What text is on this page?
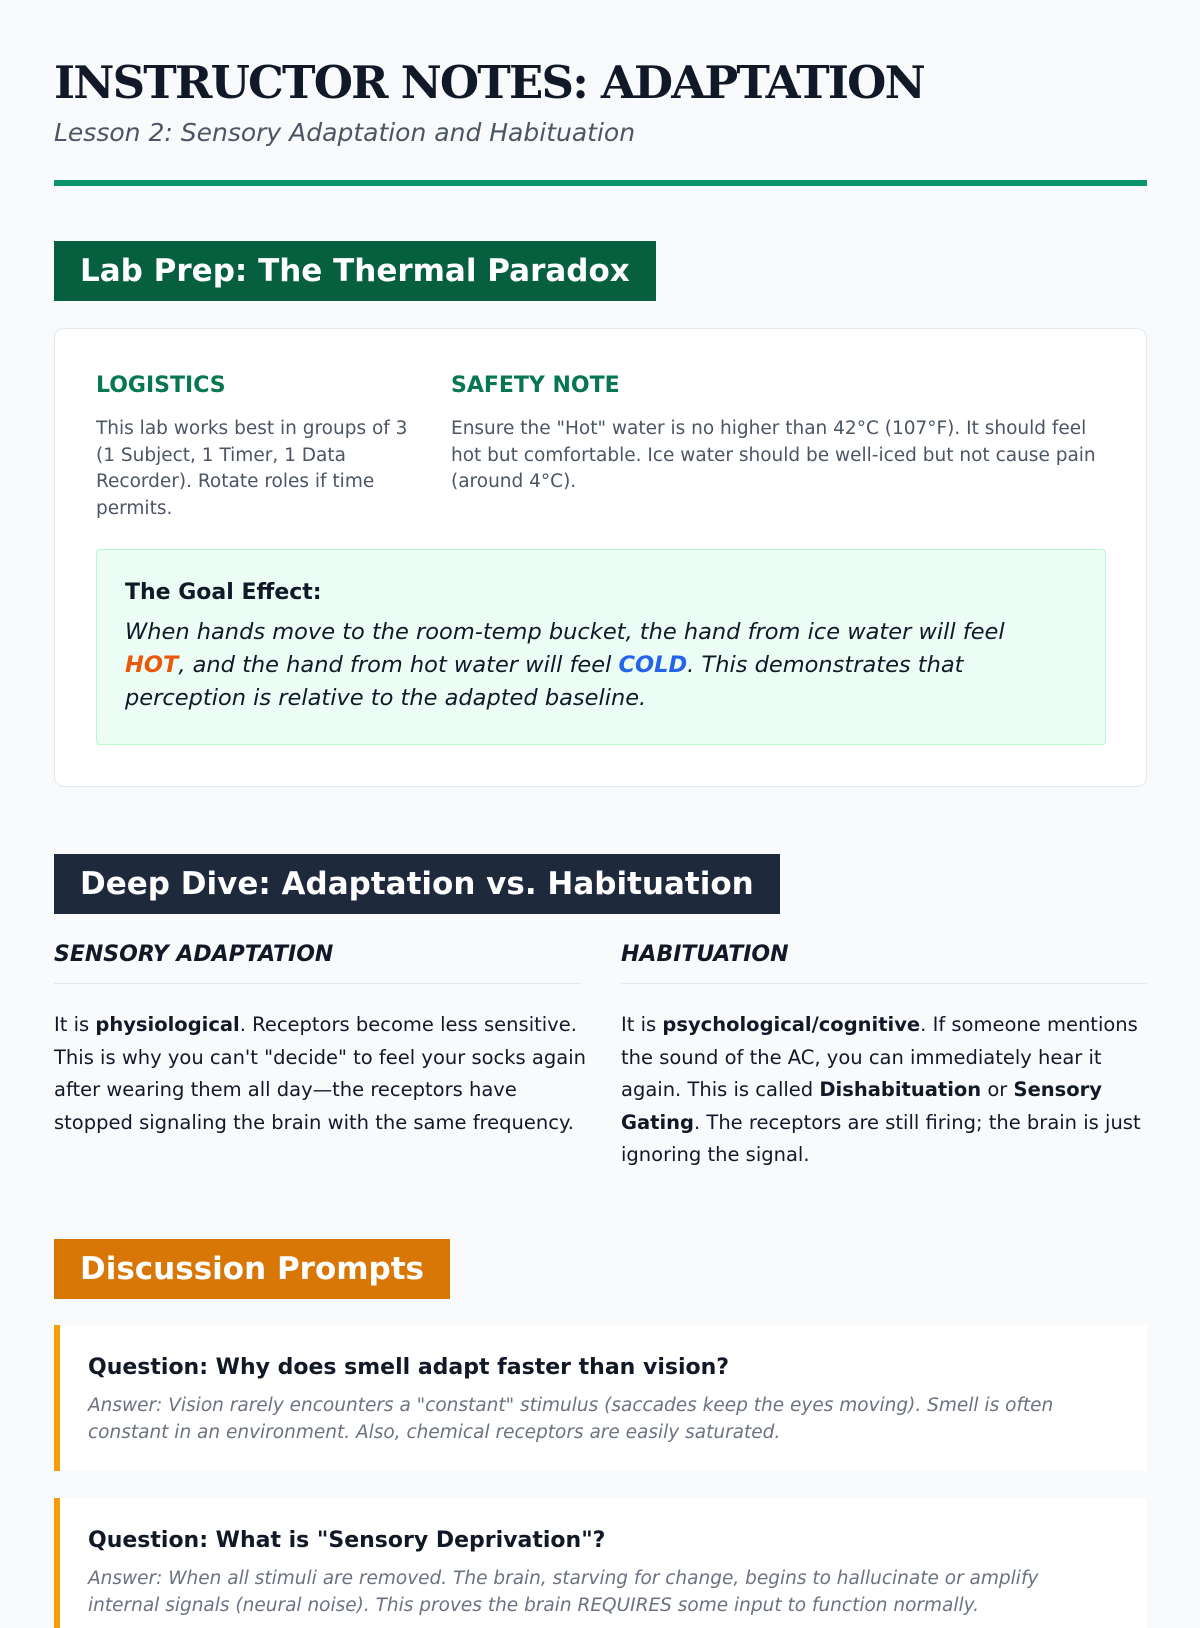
INSTRUCTOR NOTES: ADAPTATION
Lesson 2: Sensory Adaptation and Habituation
Lab Prep: The Thermal Paradox
LOGISTICS

This lab works best in groups of 3 (1 Subject, 1 Timer, 1 Data Recorder). Rotate roles if time permits.

SAFETY NOTE

Ensure the "Hot" water is no higher than 42°C (107°F). It should feel hot but comfortable. Ice water should be well-iced but not cause pain (around 4°C).

The Goal Effect:

When hands move to the room-temp bucket, the hand from ice water will feel HOT, and the hand from hot water will feel COLD. This demonstrates that perception is relative to the adapted baseline.

Deep Dive: Adaptation vs. Habituation
SENSORY ADAPTATION

It is physiological. Receptors become less sensitive. This is why you can't "decide" to feel your socks again after wearing them all day—the receptors have stopped signaling the brain with the same frequency.

HABITUATION

It is psychological/cognitive. If someone mentions the sound of the AC, you can immediately hear it again. This is called Dishabituation or Sensory Gating. The receptors are still firing; the brain is just ignoring the signal.

Discussion Prompts
Question: Why does smell adapt faster than vision?

Answer: Vision rarely encounters a "constant" stimulus (saccades keep the eyes moving). Smell is often constant in an environment. Also, chemical receptors are easily saturated.

Question: What is "Sensory Deprivation"?

Answer: When all stimuli are removed. The brain, starving for change, begins to hallucinate or amplify internal signals (neural noise). This proves the brain REQUIRES some input to function normally.
